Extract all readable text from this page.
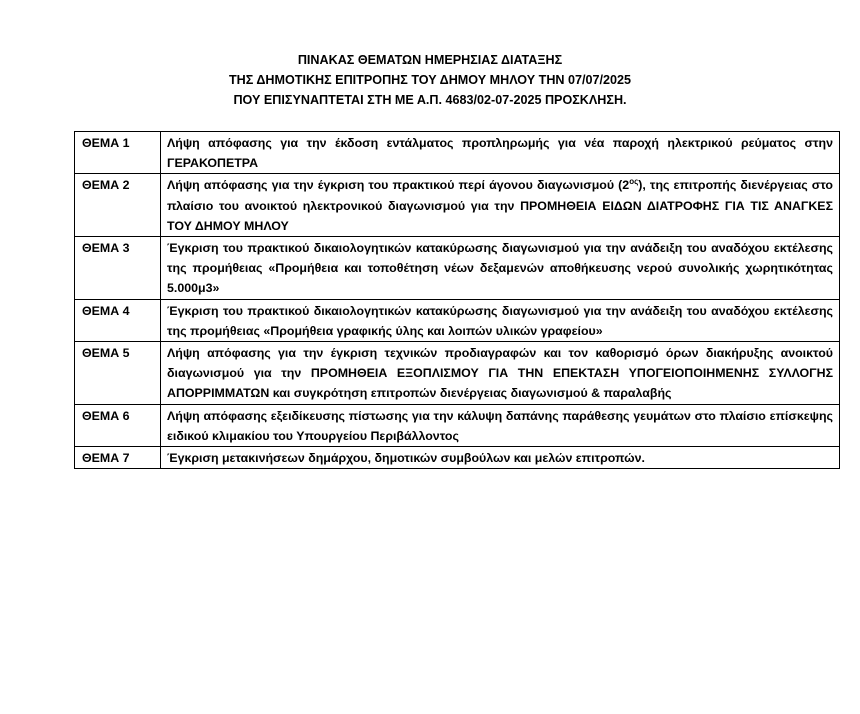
ΠΙΝΑΚΑΣ ΘΕΜΑΤΩΝ ΗΜΕΡΗΣΙΑΣ ΔΙΑΤΑΞΗΣ
ΤΗΣ ΔΗΜΟΤΙΚΗΣ ΕΠΙΤΡΟΠΗΣ ΤΟΥ ΔΗΜΟΥ ΜΗΛΟΥ ΤΗΝ 07/07/2025
ΠΟΥ ΕΠΙΣΥΝΑΠΤΕΤΑΙ ΣΤΗ ΜΕ Α.Π. 4683/02-07-2025 ΠΡΟΣΚΛΗΣΗ.
ΘΕΜΑ 1	Λήψη απόφασης για την έκδοση εντάλματος προπληρωμής για νέα παροχή ηλεκτρικού ρεύματος στην ΓΕΡΑΚΟΠΕΤΡΑ
ΘΕΜΑ 2	Λήψη απόφασης για την έγκριση του πρακτικού περί άγονου διαγωνισμού $(2^{o\varsigma})$, της επιτροπής διενέργειας στο πλαίσιο του ανοικτού ηλεκτρονικού διαγωνισμού για την ΠΡΟΜΗΘΕΙΑ ΕΙΔΩΝ ΔΙΑΤΡΟΦΗΣ ΓΙΑ ΤΙΣ ΑΝΑΓΚΕΣ ΤΟΥ ΔΗΜΟΥ ΜΗΛΟΥ
ΘΕΜΑ 3	Έγκριση του πρακτικού δικαιολογητικών κατακύρωσης διαγωνισμού για την ανάδειξη του αναδόχου εκτέλεσης της προμήθειας «Προμήθεια και τοποθέτηση νέων δεξαμενών αποθήκευσης νερού συνολικής χωρητικότητας 5.000μ3»
ΘΕΜΑ 4	Έγκριση του πρακτικού δικαιολογητικών κατακύρωσης διαγωνισμού για την ανάδειξη του αναδόχου εκτέλεσης της προμήθειας «Προμήθεια γραφικής ύλης και λοιπών υλικών γραφείου»
ΘΕΜΑ 5	Λήψη απόφασης για την έγκριση τεχνικών προδιαγραφών και τον καθορισμό όρων διακήρυξης ανοικτού διαγωνισμού για την ΠΡΟΜΗΘΕΙΑ ΕΞΟΠΛΙΣΜΟΥ ΓΙΑ ΤΗΝ ΕΠΕΚΤΑΣΗ ΥΠΟΓΕΙΟΠΟΙΗΜΕΝΗΣ ΣΥΛΛΟΓΗΣ ΑΠΟΡΡΙΜΜΑΤΩΝ και συγκρότηση επιτροπών διενέργειας διαγωνισμού & παραλαβής
ΘΕΜΑ 6	Λήψη απόφασης εξειδίκευσης πίστωσης για την κάλυψη δαπάνης παράθεσης γευμάτων στο πλαίσιο επίσκεψης ειδικού κλιμακίου του Υπουργείου Περιβάλλοντος
ΘΕΜΑ 7	Έγκριση μετακινήσεων δημάρχου, δημοτικών συμβούλων και μελών επιτροπών.
